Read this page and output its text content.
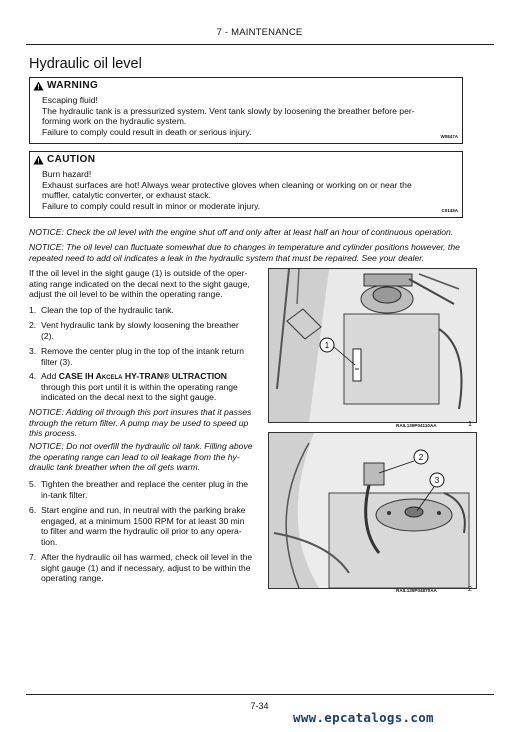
7 - MAINTENANCE
Hydraulic oil level
WARNING
Escaping fluid!
The hydraulic tank is a pressurized system. Vent tank slowly by loosening the breather before per-
forming work on the hydraulic system.
Failure to comply could result in death or serious injury.	W0847A
CAUTION
Burn hazard!
Exhaust surfaces are hot! Always wear protective gloves when cleaning or working on or near the
muffler, catalytic converter, or exhaust stack.
Failure to comply could result in minor or moderate injury.	C0143A
NOTICE: Check the oil level with the engine shut off and only after at least half an hour of continuous operation.
NOTICE: The oil level can fluctuate somewhat due to changes in temperature and cylinder positions however, the
repeated need to add oil indicates a leak in the hydraulic system that must be repaired. See your dealer.
If the oil level in the sight gauge (1) is outside of the oper-
ating range indicated on the decal next to the sight gauge,
adjust the oil level to be within the operating range.
1. Clean the top of the hydraulic tank.
2. Vent hydraulic tank by slowly loosening the breather
(2).
3. Remove the center plug in the top of the intank return
filter (3).
4. Add CASE IH Akcela HY-TRAN® ULTRACTION
through this port until it is within the operating range
indicated on the decal next to the sight gauge.
NOTICE: Adding oil through this port insures that it passes
through the return filter. A pump may be used to speed up
this process.
NOTICE: Do not overfill the hydraulic oil tank. Filling above
the operating range can lead to oil leakage from the hy-
draulic tank breather when the oil gets warm.
5. Tighten the breather and replace the center plug in the
in-tank filter.
6. Start engine and run, in neutral with the parking brake
engaged, at a minimum 1500 RPM for at least 30 min
to filter and warm the hydraulic oil prior to any opera-
tion.
7. After the hydraulic oil has warmed, check oil level in the
sight gauge (1) and if necessary, adjust to be within the
operating range.
1
RAIL139P04110AA	1
2
3
RAIL139P04870AA	2
7-34
www.epcatalogs.com
